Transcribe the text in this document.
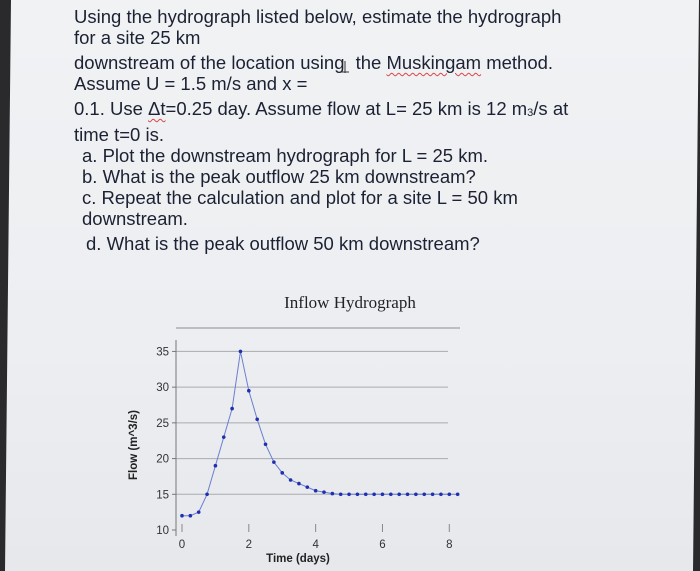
Using the hydrograph listed below, estimate the hydrograph
for a site 25 km
downstream of the location using the Muskingam method.
Assume U = 1.5 m/s and x =
0.1. Use Δt=0.25 day. Assume flow at L= 25 km is 12 m3/s at
time t=0 is.
a. Plot the downstream hydrograph for L = 25 km.
b. What is the peak outflow 25 km downstream?
c. Repeat the calculation and plot for a site L = 50 km
downstream.
d. What is the peak outflow 50 km downstream?
Inflow Hydrograph
10
15
20
25
30
35
0	2	4	6	8
Flow (m^3/s)
Time (days)
